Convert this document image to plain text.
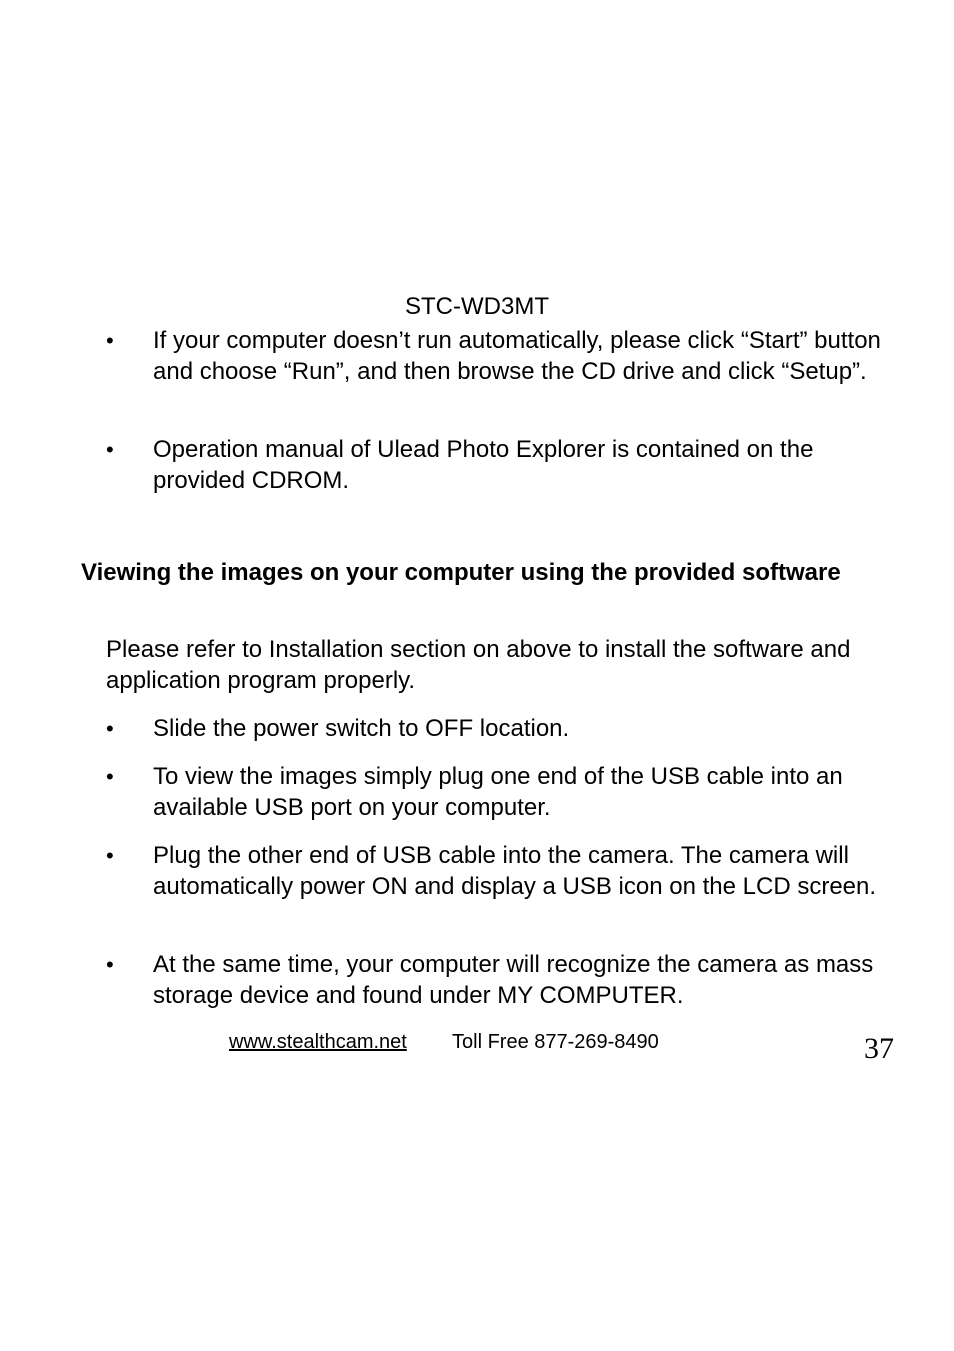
STC-WD3MT
• If your computer doesn’t run automatically, please click “Start” button and choose “Run”, and then browse the CD drive and click “Setup”.
• Operation manual of Ulead Photo Explorer is contained on the provided CDROM.
Viewing the images on your computer using the provided software
Please refer to Installation section on above to install the software and application program properly.
• Slide the power switch to OFF location.
• To view the images simply plug one end of the USB cable into an available USB port on your computer.
• Plug the other end of USB cable into the camera. The camera will automatically power ON and display a USB icon on the LCD screen.
• At the same time, your computer will recognize the camera as mass storage device and found under MY COMPUTER.
www.stealthcam.net Toll Free 877-269-8490	37
